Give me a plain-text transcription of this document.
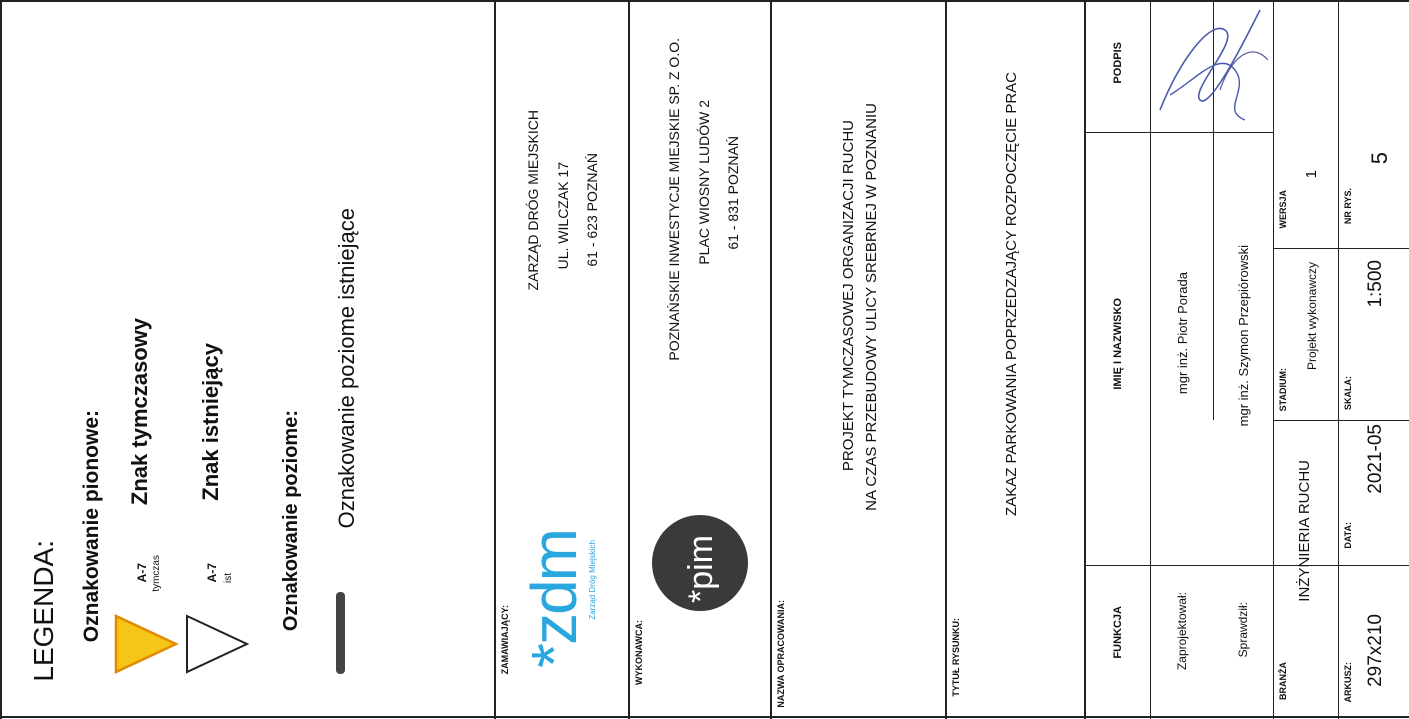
LEGENDA: Oznakowanie pionowe:	A-7 tymczas
Znak tymczasowy
A-7 ist
Znak istniejący	Oznakowanie poziome: Oznakowanie poziome istniejące
ZAMAWIAJĄCY: *zdm
Zarząd Dróg Miejskich
ZARZĄD DRÓG MIEJSKICH UL. WILCZAK 17 61 - 623 POZNAŃ
WYKONAWCA:
*pim
POZNAŃSKIE INWESTYCJE MIEJSKIE SP. Z O.O. PLAC WIOSNY LUDÓW 2 61 - 831 POZNAŃ
NAZWA OPRACOWANIA:
PROJEKT TYMCZASOWEJ ORGANIZACJI RUCHU NA CZAS PRZEBUDOWY ULICY SREBRNEJ W POZNANIU
TYTUŁ RYSUNKU:
ZAKAZ PARKOWANIA POPRZEDZAJĄCY ROZPOCZĘCIE PRAC
FUNKCJA
IMIĘ I NAZWISKO
PODPIS
Zaprojektował:
mgr inż. Piotr Porada
Sprawdził:
mgr inż. Szymon Przepiórowski
BRANŻA
INŻYNIERIA RUCHU
STADIUM:
Projekt wykonawczy
WERSJA
1
ARKUSZ: 297x210
DATA:
2021-05
SKALA:
1:500
NR RYS.
5
